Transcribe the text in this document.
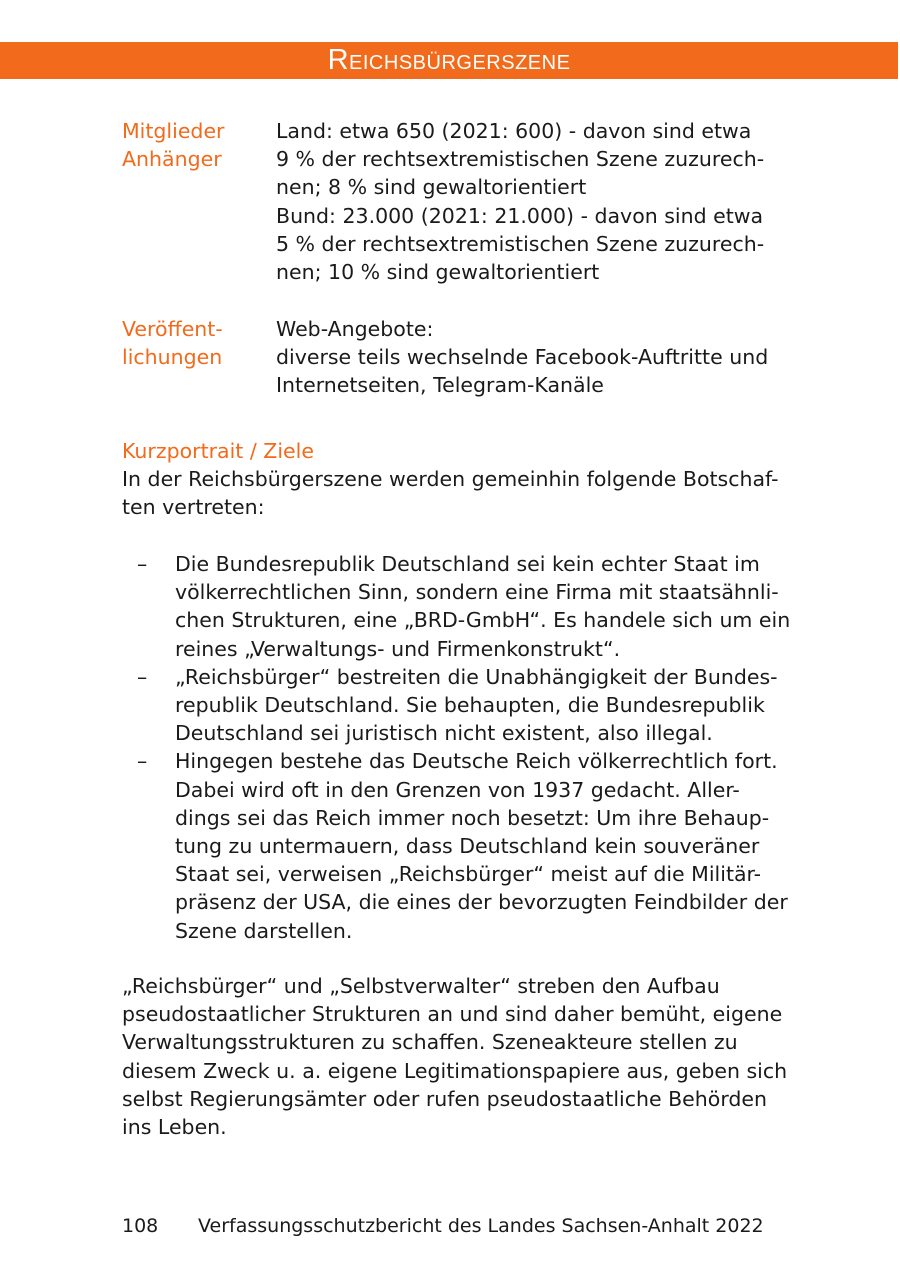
Reichsbürgerszene
Mitglieder
Anhänger
Land: etwa 650 (2021: 600) - davon sind etwa
9 % der rechtsextremistischen Szene zuzurech-
nen; 8 % sind gewaltorientiert
Bund: 23.000 (2021: 21.000) - davon sind etwa
5 % der rechtsextremistischen Szene zuzurech-
nen; 10 % sind gewaltorientiert
Veröffent-
lichungen
Web-Angebote:
diverse teils wechselnde Facebook-Auftritte und
Internetseiten, Telegram-Kanäle
Kurzportrait / Ziele
In der Reichsbürgerszene werden gemeinhin folgende Botschaf-
ten vertreten:
– Die Bundesrepublik Deutschland sei kein echter Staat im
völkerrechtlichen Sinn, sondern eine Firma mit staatsähnli-
chen Strukturen, eine „BRD-GmbH“. Es handele sich um ein
reines „Verwaltungs- und Firmenkonstrukt“.
– „Reichsbürger“ bestreiten die Unabhängigkeit der Bundes-
republik Deutschland. Sie behaupten, die Bundesrepublik
Deutschland sei juristisch nicht existent, also illegal.
– Hingegen bestehe das Deutsche Reich völkerrechtlich fort.
Dabei wird oft in den Grenzen von 1937 gedacht. Aller-
dings sei das Reich immer noch besetzt: Um ihre Behaup-
tung zu untermauern, dass Deutschland kein souveräner
Staat sei, verweisen „Reichsbürger“ meist auf die Militär-
präsenz der USA, die eines der bevorzugten Feindbilder der
Szene darstellen.
„Reichsbürger“ und „Selbstverwalter“ streben den Aufbau
pseudostaatlicher Strukturen an und sind daher bemüht, eigene
Verwaltungsstrukturen zu schaffen. Szeneakteure stellen zu
diesem Zweck u. a. eigene Legitimationspapiere aus, geben sich
selbst Regierungsämter oder rufen pseudostaatliche Behörden
ins Leben.
108 Verfassungsschutzbericht des Landes Sachsen-Anhalt 2022
